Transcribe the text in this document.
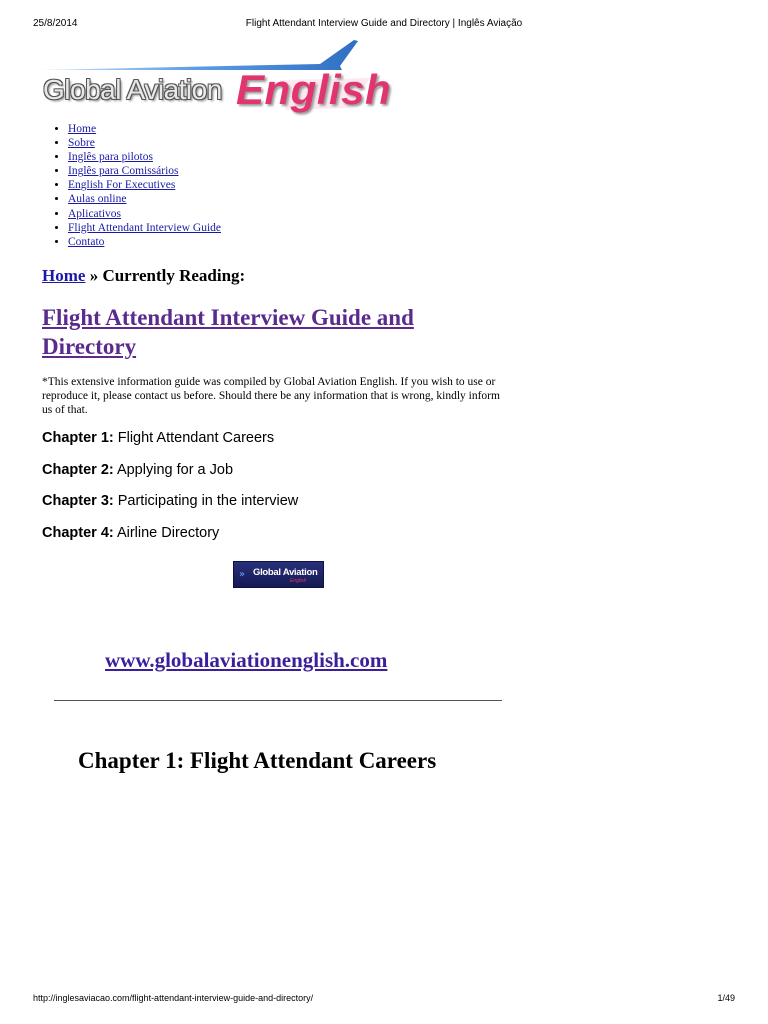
25/8/2014	Flight Attendant Interview Guide and Directory | Inglês Aviação
Global Aviation English
• Home
• Sobre
• Inglês para pilotos
• Inglês para Comissários
• English For Executives
• Aulas online
• Aplicativos
• Flight Attendant Interview Guide
• Contato
Home » Currently Reading:
Flight Attendant Interview Guide and Directory

*This extensive information guide was compiled by Global Aviation English. If you wish to use or reproduce it, please contact us before. Should there be any information that is wrong, kindly inform us of that.

Chapter 1: Flight Attendant Careers
Chapter 2: Applying for a Job
Chapter 3: Participating in the interview
Chapter 4: Airline Directory
» Global Aviation
English
www.globalaviationenglish.com
Chapter 1: Flight Attendant Careers
http://inglesaviacao.com/flight-attendant-interview-guide-and-directory/	1/49
